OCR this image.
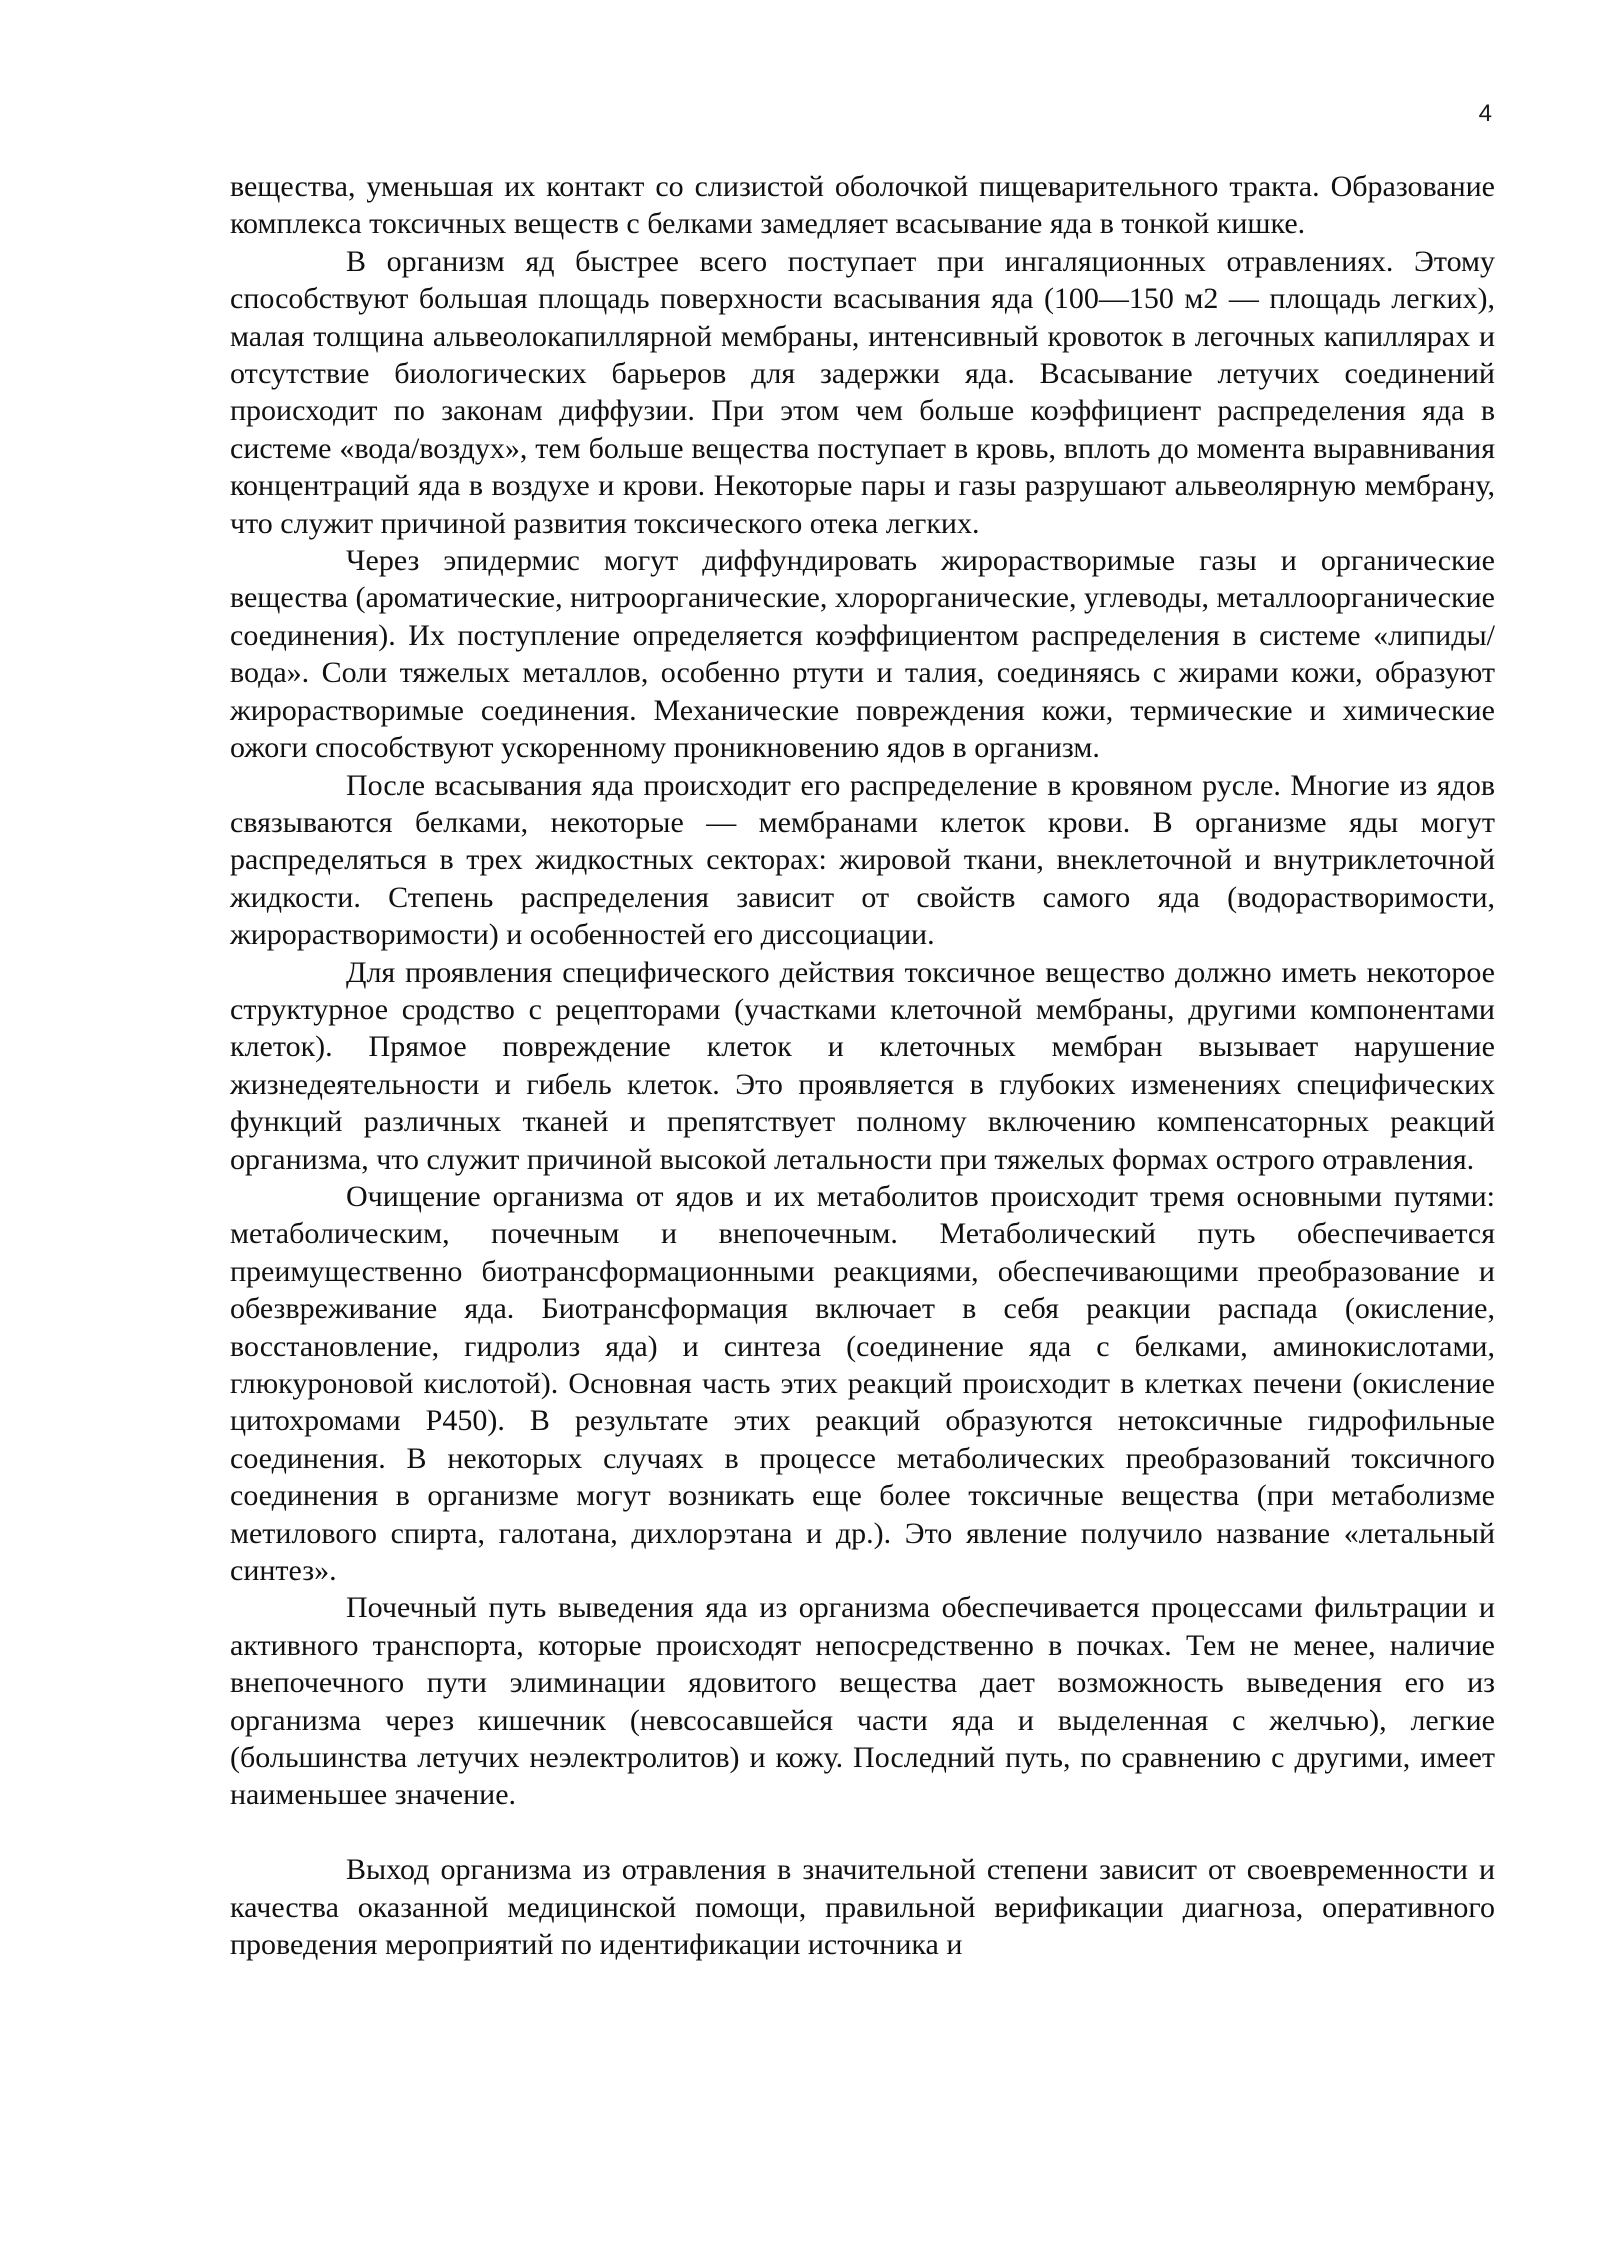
4

вещества, уменьшая их контакт со слизистой оболочкой пищеварительного тракта. Образование комплекса токсичных веществ с белками замедляет всасывание яда в тонкой кишке.

В организм яд быстрее всего поступает при ингаляционных отравлениях. Этому способствуют большая площадь поверхности всасывания яда (100—150 м2 — площадь легких), малая толщина альвеолокапиллярной мембраны, интенсивный кровоток в легочных капиллярах и отсутствие биологических барьеров для задержки яда. Всасывание летучих соединений происходит по законам диффузии. При этом чем больше коэффициент распределения яда в системе «вода/воздух», тем больше вещества поступает в кровь, вплоть до момента выравнивания концентраций яда в воздухе и крови. Некоторые пары и газы разрушают альвеолярную мембрану, что служит причиной развития токсического отека легких.

Через эпидермис могут диффундировать жирорастворимые газы и органические вещества (ароматические, нитроорганические, хлорорганические, углеводы, металлоорганические соединения). Их поступление определяется коэффициентом распределения в системе «липиды/вода». Соли тяжелых металлов, особенно ртути и талия, соединяясь с жирами кожи, образуют жирорастворимые соединения. Механические повреждения кожи, термические и химические ожоги способствуют ускоренному проникновению ядов в организм.

После всасывания яда происходит его распределение в кровяном русле. Многие из ядов связываются белками, некоторые — мембранами клеток крови. В организме яды могут распределяться в трех жидкостных секторах: жировой ткани, внеклеточной и внутриклеточной жидкости. Степень распределения зависит от свойств самого яда (водорастворимости, жирорастворимости) и особенностей его диссоциации.

Для проявления специфического действия токсичное вещество должно иметь некоторое структурное сродство с рецепторами (участками клеточной мембраны, другими компонентами клеток). Прямое повреждение клеток и клеточных мембран вызывает нарушение жизнедеятельности и гибель клеток. Это проявляется в глубоких изменениях специфических функций различных тканей и препятствует полному включению компенсаторных реакций организма, что служит причиной высокой летальности при тяжелых формах острого отравления.

Очищение организма от ядов и их метаболитов происходит тремя основными путями: метаболическим, почечным и внепочечным. Метаболический путь обеспечивается преимущественно биотрансформационными реакциями, обеспечивающими преобразование и обезвреживание яда. Биотрансформация включает в себя реакции распада (окисление, восстановление, гидролиз яда) и синтеза (соединение яда с белками, аминокислотами, глюкуроновой кислотой). Основная часть этих реакций происходит в клетках печени (окисление цитохромами Р450). В результате этих реакций образуются нетоксичные гидрофильные соединения. В некоторых случаях в процессе метаболических преобразований токсичного соединения в организме могут возникать еще более токсичные вещества (при метаболизме метилового спирта, галотана, дихлорэтана и др.). Это явление получило название «летальный синтез».

Почечный путь выведения яда из организма обеспечивается процессами фильтрации и активного транспорта, которые происходят непосредственно в почках. Тем не менее, наличие внепочечного пути элиминации ядовитого вещества дает возможность выведения его из организма через кишечник (невсосавшейся части яда и выделенная с желчью), легкие (большинства летучих неэлектролитов) и кожу. Последний путь, по сравнению с другими, имеет наименьшее значение.

Выход организма из отравления в значительной степени зависит от своевременности и качества оказанной медицинской помощи, правильной верификации диагноза, оперативного проведения мероприятий по идентификации источника и
